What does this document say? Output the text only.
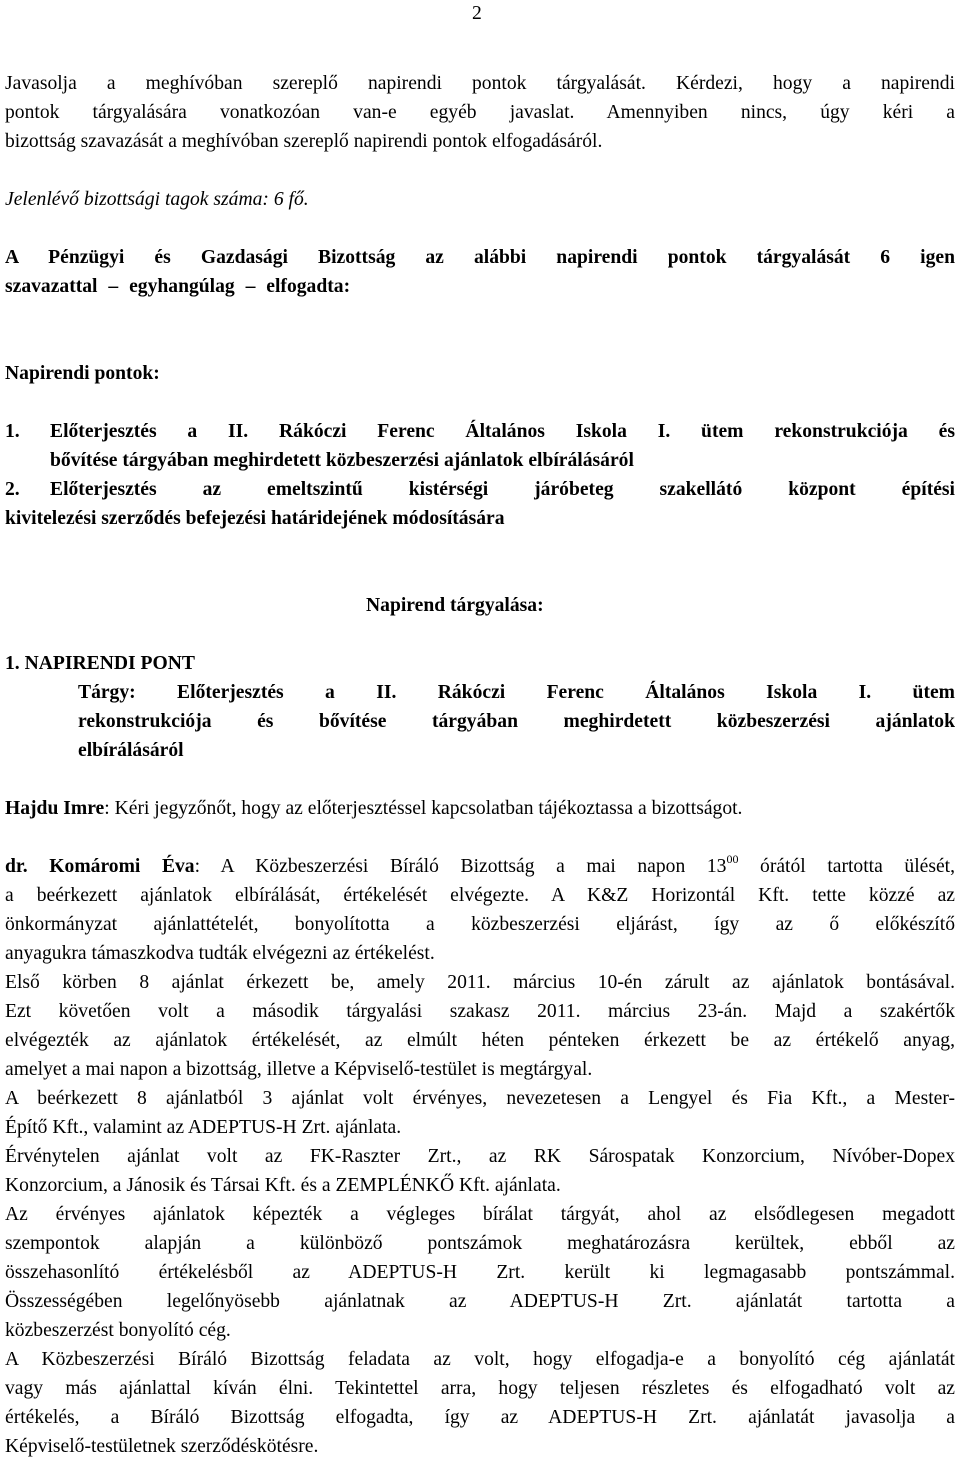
2
Javasolja a meghívóban szereplő napirendi pontok tárgyalását. Kérdezi, hogy a napirendi
pontok tárgyalására vonatkozóan van-e egyéb javaslat. Amennyiben nincs, úgy kéri a
bizottság szavazását a meghívóban szereplő napirendi pontok elfogadásáról.
Jelenlévő bizottsági tagok száma: 6 fő.
A Pénzügyi és Gazdasági Bizottság az alábbi napirendi pontok tárgyalását 6 igen
szavazattal – egyhangúlag – elfogadta:
Napirendi pontok:
1. Előterjesztés a II. Rákóczi Ferenc Általános Iskola I. ütem rekonstrukciója és
bővítése tárgyában meghirdetett közbeszerzési ajánlatok elbírálásáról
2. Előterjesztés az emeltszintű kistérségi járóbeteg szakellátó központ építési
kivitelezési szerződés befejezési határidejének módosítására
Napirend tárgyalása:
1. NAPIRENDI PONT
Tárgy: Előterjesztés a II. Rákóczi Ferenc Általános Iskola I. ütem
rekonstrukciója és bővítése tárgyában meghirdetett közbeszerzési ajánlatok
elbírálásáról
Hajdu Imre: Kéri jegyzőnőt, hogy az előterjesztéssel kapcsolatban tájékoztassa a bizottságot.
dr. Komáromi Éva: A Közbeszerzési Bíráló Bizottság a mai napon $13^{00}$ órától tartotta ülését,
a beérkezett ajánlatok elbírálását, értékelését elvégezte. A K&Z Horizontál Kft. tette közzé az
önkormányzat ajánlattételét, bonyolította a közbeszerzési eljárást, így az ő előkészítő
anyagukra támaszkodva tudták elvégezni az értékelést.
Első körben 8 ajánlat érkezett be, amely 2011. március 10-én zárult az ajánlatok bontásával.
Ezt követően volt a második tárgyalási szakasz 2011. március 23-án. Majd a szakértők
elvégezték az ajánlatok értékelését, az elmúlt héten pénteken érkezett be az értékelő anyag,
amelyet a mai napon a bizottság, illetve a Képviselő-testület is megtárgyal.
A beérkezett 8 ajánlatból 3 ajánlat volt érvényes, nevezetesen a Lengyel és Fia Kft., a Mester-
Építő Kft., valamint az ADEPTUS-H Zrt. ajánlata.
Érvénytelen ajánlat volt az FK-Raszter Zrt., az RK Sárospatak Konzorcium, Nívóber-Dopex
Konzorcium, a Jánosik és Társai Kft. és a ZEMPLÉNKŐ Kft. ajánlata.
Az érvényes ajánlatok képezték a végleges bírálat tárgyát, ahol az elsődlegesen megadott
szempontok alapján a különböző pontszámok meghatározásra kerültek, ebből az
összehasonlító értékelésből az ADEPTUS-H Zrt. került ki legmagasabb pontszámmal.
Összességében legelőnyösebb ajánlatnak az ADEPTUS-H Zrt. ajánlatát tartotta a
közbeszerzést bonyolító cég.
A Közbeszerzési Bíráló Bizottság feladata az volt, hogy elfogadja-e a bonyolító cég ajánlatát
vagy más ajánlattal kíván élni. Tekintettel arra, hogy teljesen részletes és elfogadható volt az
értékelés, a Bíráló Bizottság elfogadta, így az ADEPTUS-H Zrt. ajánlatát javasolja a
Képviselő-testületnek szerződéskötésre.
